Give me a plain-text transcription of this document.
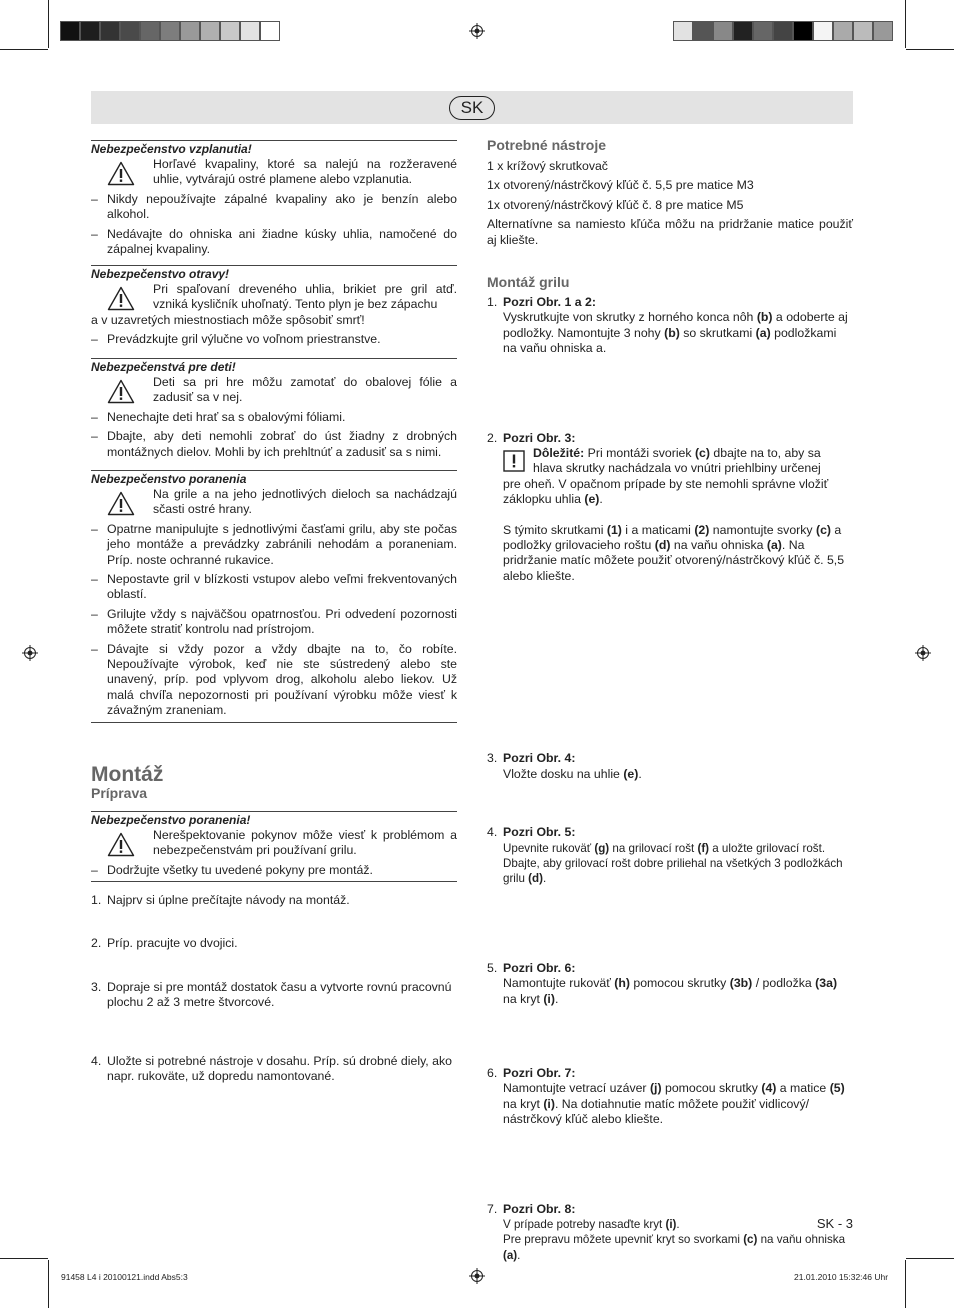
SK
Nebezpečenstvo vzplanutia!
Horľavé kvapaliny, ktoré sa nalejú na rozžeravené uhlie, vytvárajú ostré plamene alebo vzplanutia.
– Nikdy nepoužívajte zápalné kvapaliny ako je benzín alebo alkohol.
– Nedávajte do ohniska ani žiadne kúsky uhlia, namočené do zápalnej kvapaliny.
Nebezpečenstvo otravy!
Pri spaľovaní dreveného uhlia, brikiet pre gril atď. vzniká kysličník uhoľnatý. Tento plyn je bez zápachu
a v uzavretých miestnostiach môže spôsobiť smrť!
– Prevádzkujte gril výlučne vo voľnom priestranstve.
Nebezpečenstvá pre deti!
Deti sa pri hre môžu zamotať do obalovej fólie a zadusiť sa v nej.
– Nenechajte deti hrať sa s obalovými fóliami.
– Dbajte, aby deti nemohli zobrať do úst žiadny z drobných montážnych dielov. Mohli by ich prehltnúť a zadusiť sa s nimi.
Nebezpečenstvo poranenia
Na grile a na jeho jednotlivých dieloch sa nachádzajú sčasti ostré hrany.
– Opatrne manipulujte s jednotlivými časťami grilu, aby ste počas jeho montáže a prevádzky zabránili nehodám a poraneniam. Príp. noste ochranné rukavice.
– Nepostavte gril v blízkosti vstupov alebo veľmi frekventovaných oblastí.
– Grilujte vždy s najväčšou opatrnosťou. Pri odvedení pozornosti môžete stratiť kontrolu nad prístrojom.
– Dávajte si vždy pozor a vždy dbajte na to, čo robíte. Nepoužívajte výrobok, keď nie ste sústredený alebo ste unavený, príp. pod vplyvom drog, alkoholu alebo liekov. Už malá chvíľa nepozornosti pri používaní výrobku môže viesť k závažným zraneniam.
Montáž
Príprava
Nebezpečenstvo poranenia!
Nerešpektovanie pokynov môže viesť k problémom a nebezpečenstvám pri používaní grilu.
– Dodržujte všetky tu uvedené pokyny pre montáž.
1. Najprv si úplne prečítajte návody na montáž.
2. Príp. pracujte vo dvojici.
3. Dopraje si pre montáž dostatok času a vytvorte rovnú pracovnú plochu 2 až 3 metre štvorcové.
4. Uložte si potrebné nástroje v dosahu. Príp. sú drobné diely, ako napr. rukoväte, už dopredu namontované.
Potrebné nástroje
1 x krížový skrutkovač
1x otvorený/nástrčkový kľúč č. 5,5 pre matice M3
1x otvorený/nástrčkový kľúč č. 8 pre matice M5
Alternatívne sa namiesto kľúča môžu na pridržanie matice použiť aj kliešte.
Montáž grilu
1. Pozri Obr. 1 a 2:
Vyskrutkujte von skrutky z horného konca nôh (b) a odoberte aj podložky. Namontujte 3 nohy (b) so skrutkami (a) podložkami na vaňu ohniska a.
2. Pozri Obr. 3:
Dôležité: Pri montáži svoriek (c) dbajte na to, aby sa hlava skrutky nachádzala vo vnútri priehlbiny určenej
pre oheň. V opačnom prípade by ste nemohli správne vložiť záklopku uhlia (e).
S týmito skrutkami (1) i a maticami (2) namontujte svorky (c) a podložky grilovacieho roštu (d) na vaňu ohniska (a). Na pridržanie matíc môžete použiť otvorený/nástrčkový kľúč č. 5,5 alebo kliešte.
3. Pozri Obr. 4:
Vložte dosku na uhlie (e).
4. Pozri Obr. 5:
Upevnite rukoväť (g) na grilovací rošt (f) a uložte grilovací rošt. Dbajte, aby grilovací rošt dobre priliehal na všetkých 3 podložkách grilu (d).
5. Pozri Obr. 6:
Namontujte rukoväť (h) pomocou skrutky (3b) / podložka (3a) na kryt (i).
6. Pozri Obr. 7:
Namontujte vetrací uzáver (j) pomocou skrutky (4) a matice (5) na kryt (i). Na dotiahnutie matíc môžete použiť vidlicový/ nástrčkový kľúč alebo kliešte.
7. Pozri Obr. 8:
V prípade potreby nasaďte kryt (i).
Pre prepravu môžete upevniť kryt so svorkami (c) na vaňu ohniska (a).
SK - 3
91458 L4 i 20100121.indd Abs5:3	21.01.2010 15:32:46 Uhr
